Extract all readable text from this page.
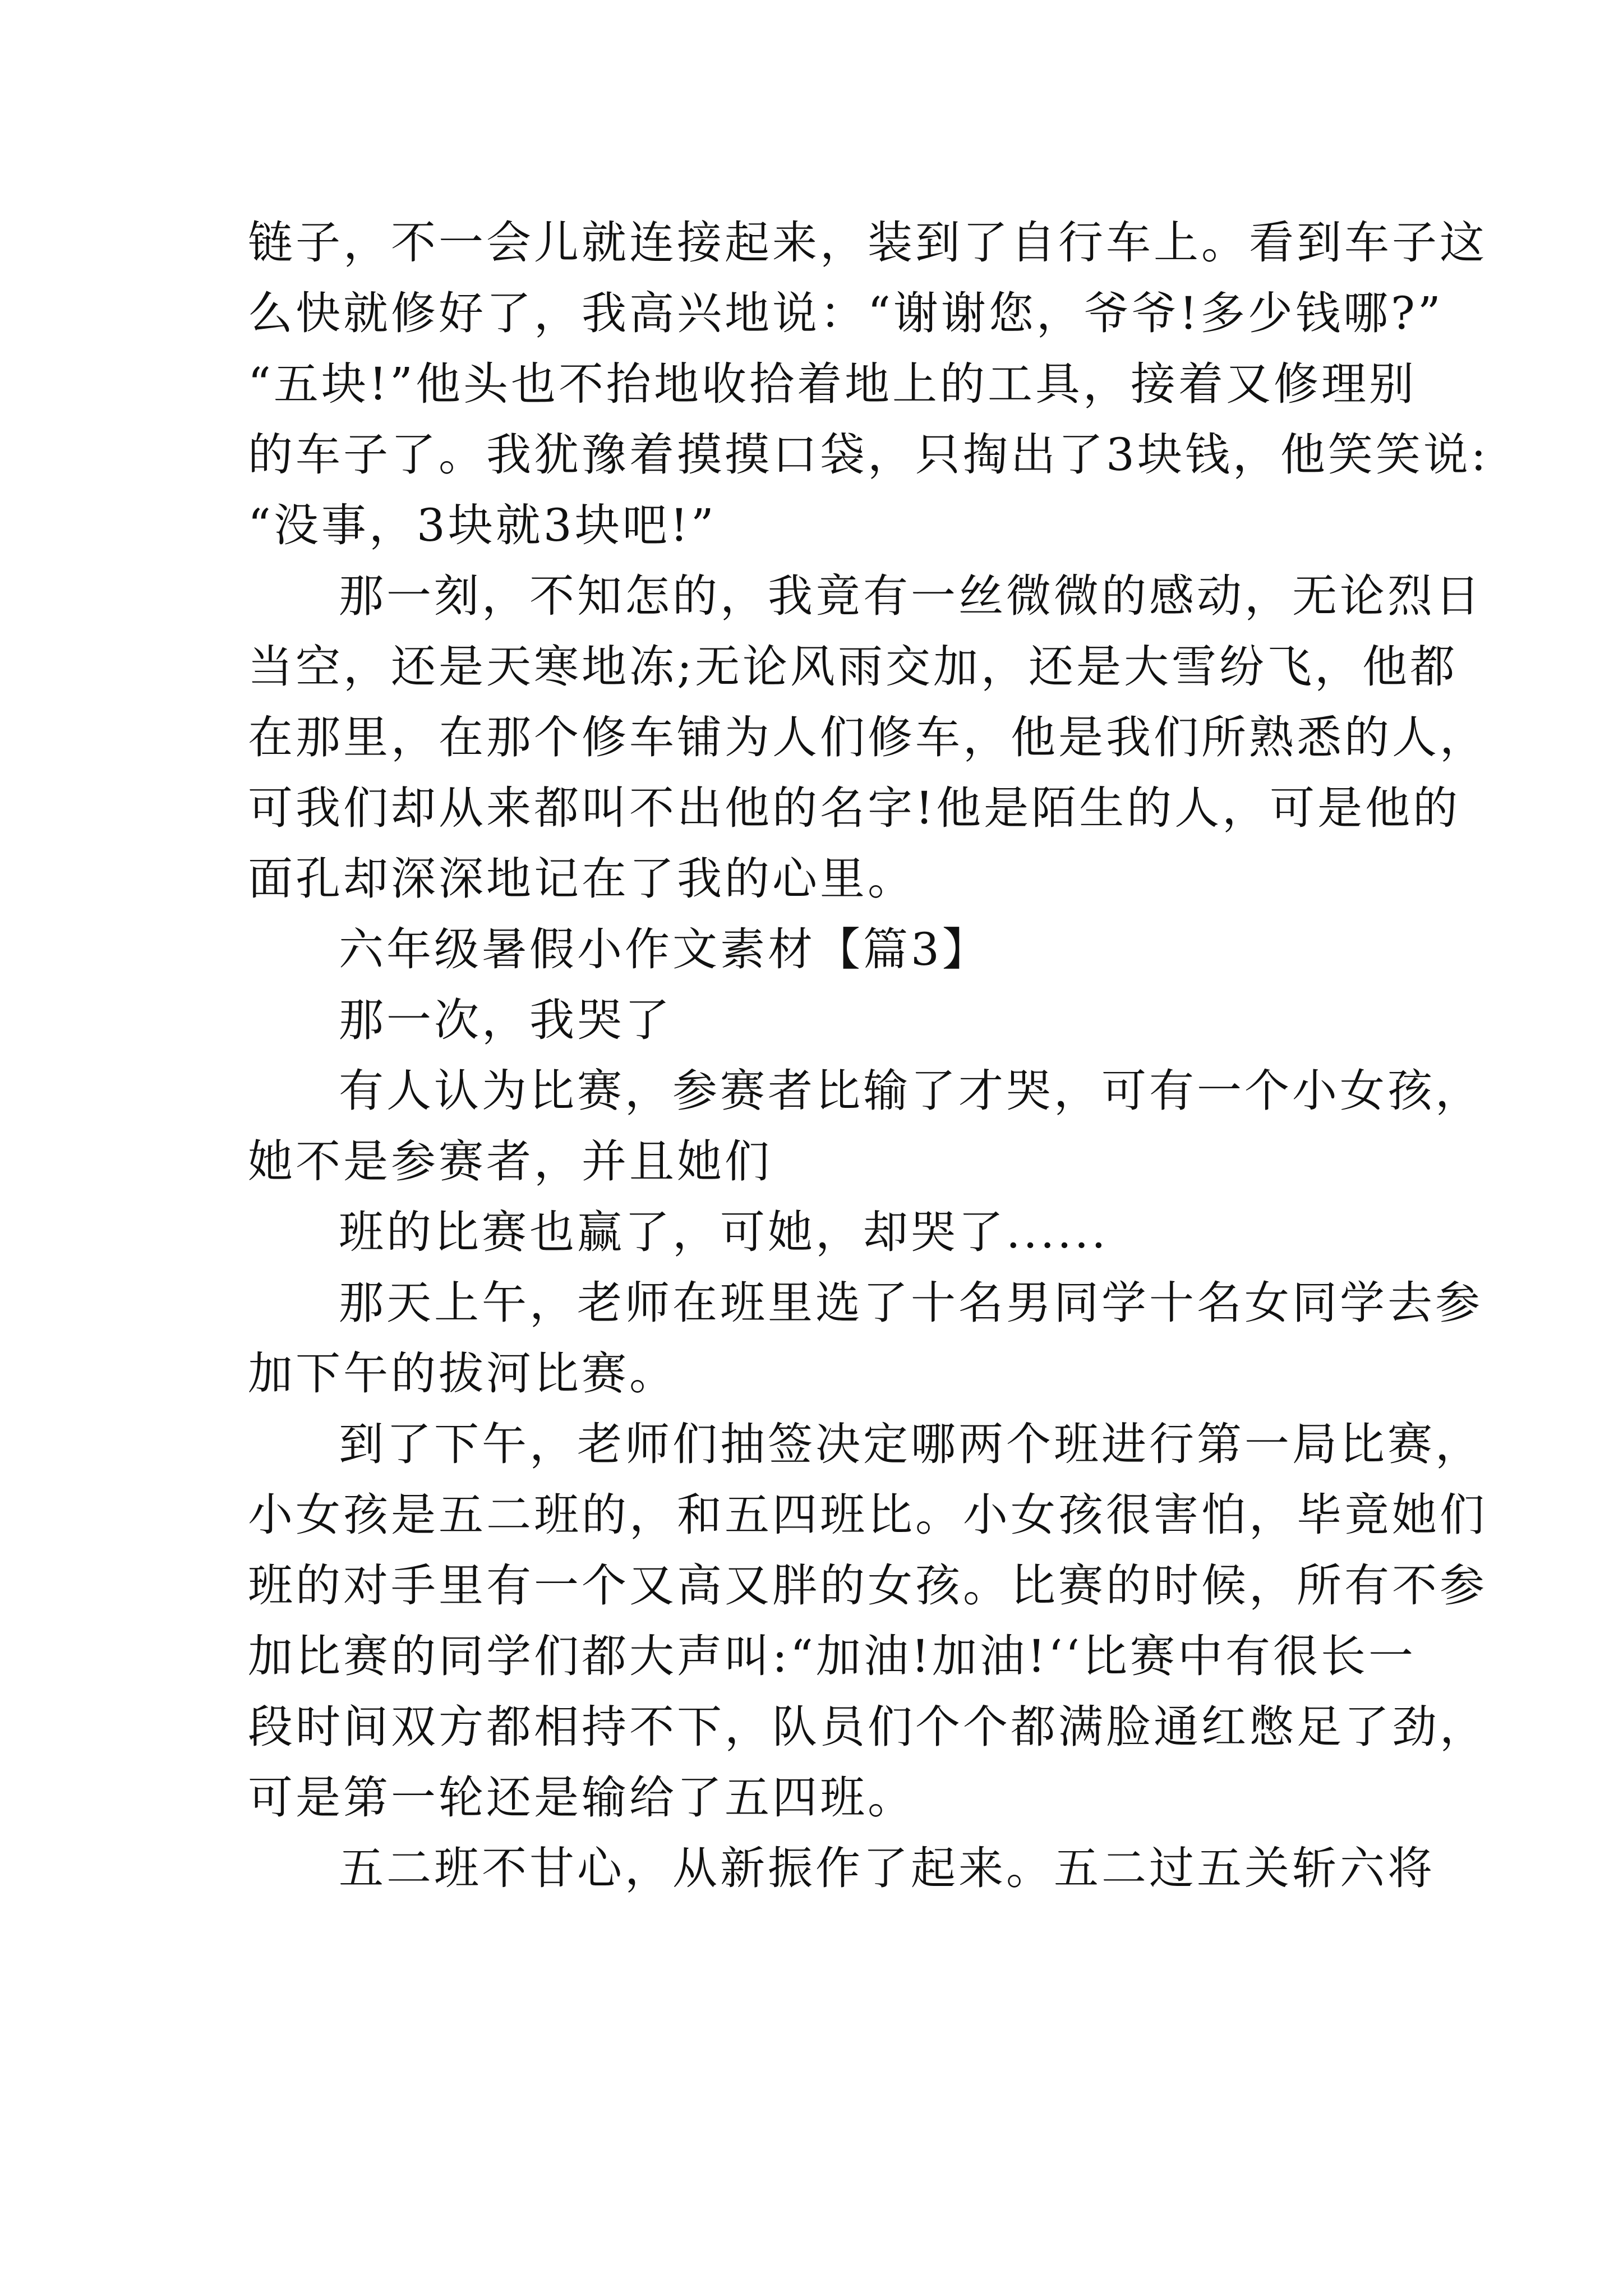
链子，不一会儿就连接起来，装到了自行车上。看到车子这
么快就修好了，我高兴地说：“谢谢您，爷爷!多少钱哪?”
“五块!”他头也不抬地收拾着地上的工具，接着又修理别
的车子了。我犹豫着摸摸口袋，只掏出了3块钱，他笑笑说:
“没事，3块就3块吧!”
那一刻，不知怎的，我竟有一丝微微的感动，无论烈日
当空，还是天寒地冻;无论风雨交加，还是大雪纷飞，他都
在那里，在那个修车铺为人们修车，他是我们所熟悉的人，
可我们却从来都叫不出他的名字!他是陌生的人，可是他的
面孔却深深地记在了我的心里。
六年级暑假小作文素材【篇3】
那一次，我哭了
有人认为比赛，参赛者比输了才哭，可有一个小女孩，
她不是参赛者，并且她们
班的比赛也赢了，可她，却哭了......
那天上午，老师在班里选了十名男同学十名女同学去参
加下午的拔河比赛。
到了下午，老师们抽签决定哪两个班进行第一局比赛，
小女孩是五二班的，和五四班比。小女孩很害怕，毕竟她们
班的对手里有一个又高又胖的女孩。比赛的时候，所有不参
加比赛的同学们都大声叫:“加油!加油!‘‘比赛中有很长一
段时间双方都相持不下，队员们个个都满脸通红憋足了劲，
可是第一轮还是输给了五四班。
五二班不甘心，从新振作了起来。五二过五关斩六将
